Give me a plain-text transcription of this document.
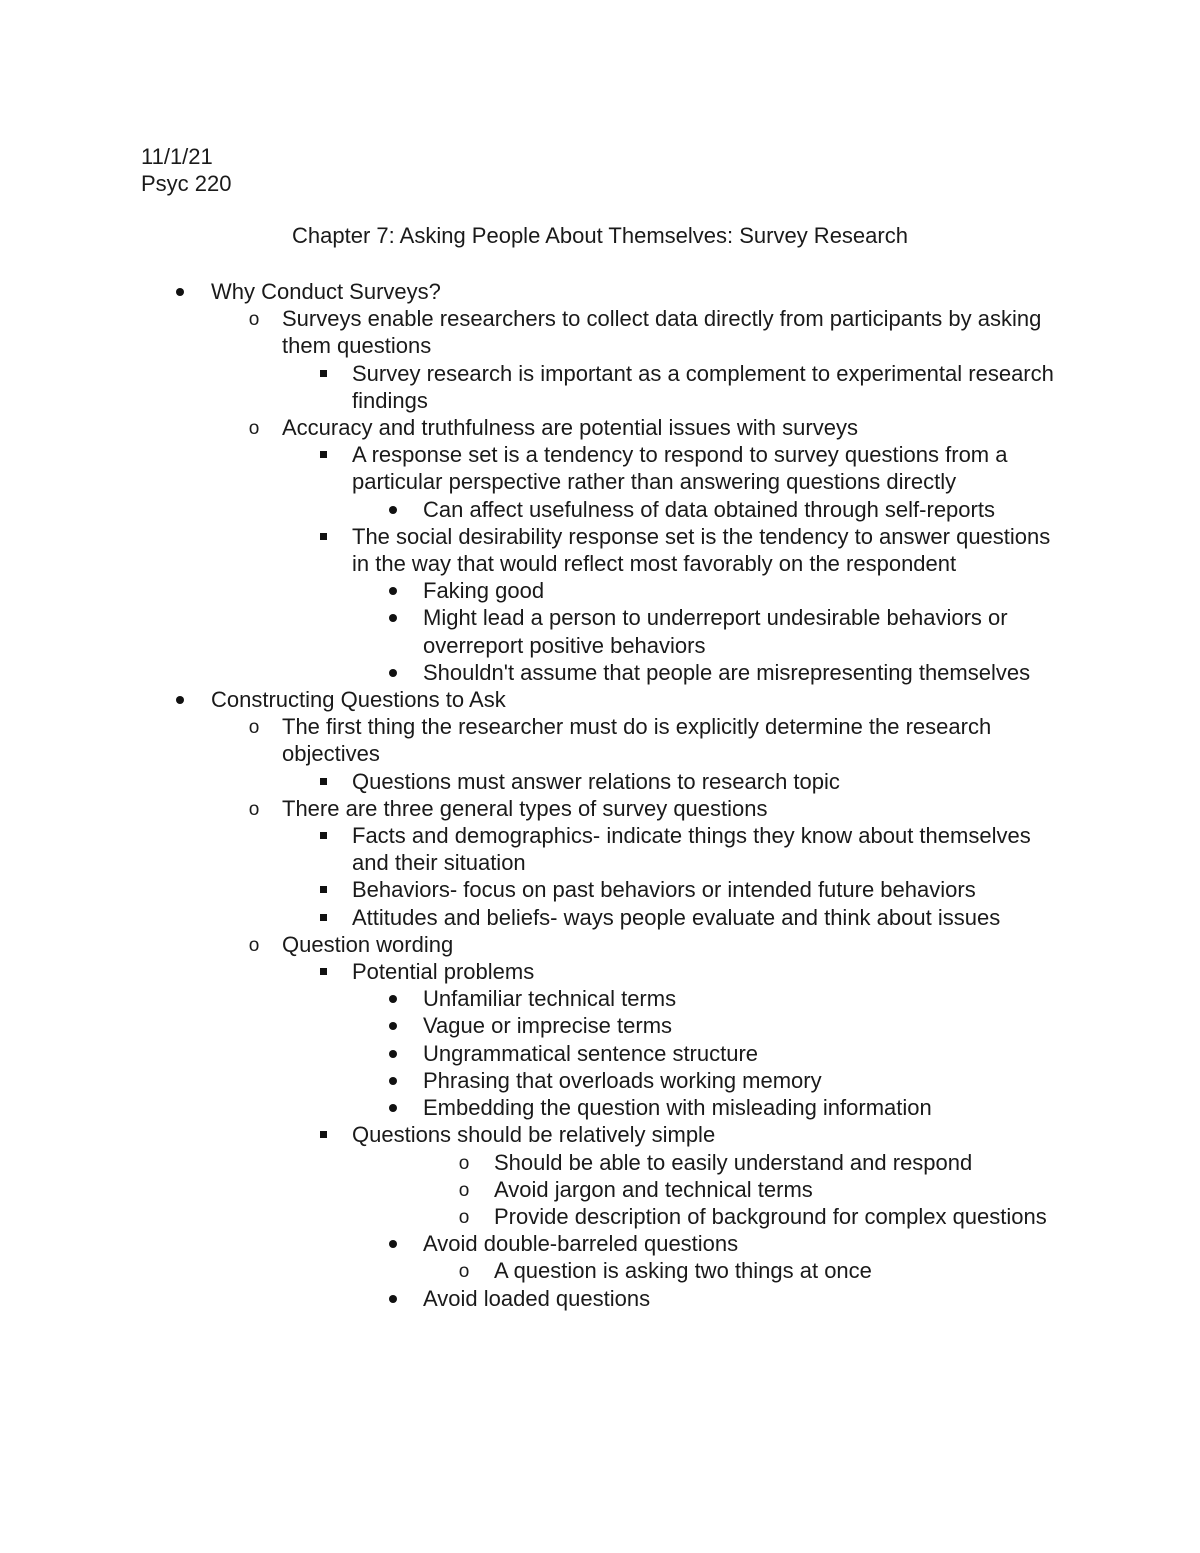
11/1/21
Psyc 220
Chapter 7: Asking People About Themselves: Survey Research
Why Conduct Surveys?
o Surveys enable researchers to collect data directly from participants by asking them questions
Survey research is important as a complement to experimental research findings
o Accuracy and truthfulness are potential issues with surveys
A response set is a tendency to respond to survey questions from a particular perspective rather than answering questions directly
Can affect usefulness of data obtained through self-reports
The social desirability response set is the tendency to answer questions in the way that would reflect most favorably on the respondent
Faking good
Might lead a person to underreport undesirable behaviors or overreport positive behaviors
Shouldn't assume that people are misrepresenting themselves
Constructing Questions to Ask
o The first thing the researcher must do is explicitly determine the research objectives
Questions must answer relations to research topic
o There are three general types of survey questions
Facts and demographics- indicate things they know about themselves and their situation
Behaviors- focus on past behaviors or intended future behaviors
Attitudes and beliefs- ways people evaluate and think about issues
o Question wording
Potential problems
Unfamiliar technical terms
Vague or imprecise terms
Ungrammatical sentence structure
Phrasing that overloads working memory
Embedding the question with misleading information
Questions should be relatively simple
o Should be able to easily understand and respond
o Avoid jargon and technical terms
o Provide description of background for complex questions
Avoid double-barreled questions
o A question is asking two things at once
Avoid loaded questions
